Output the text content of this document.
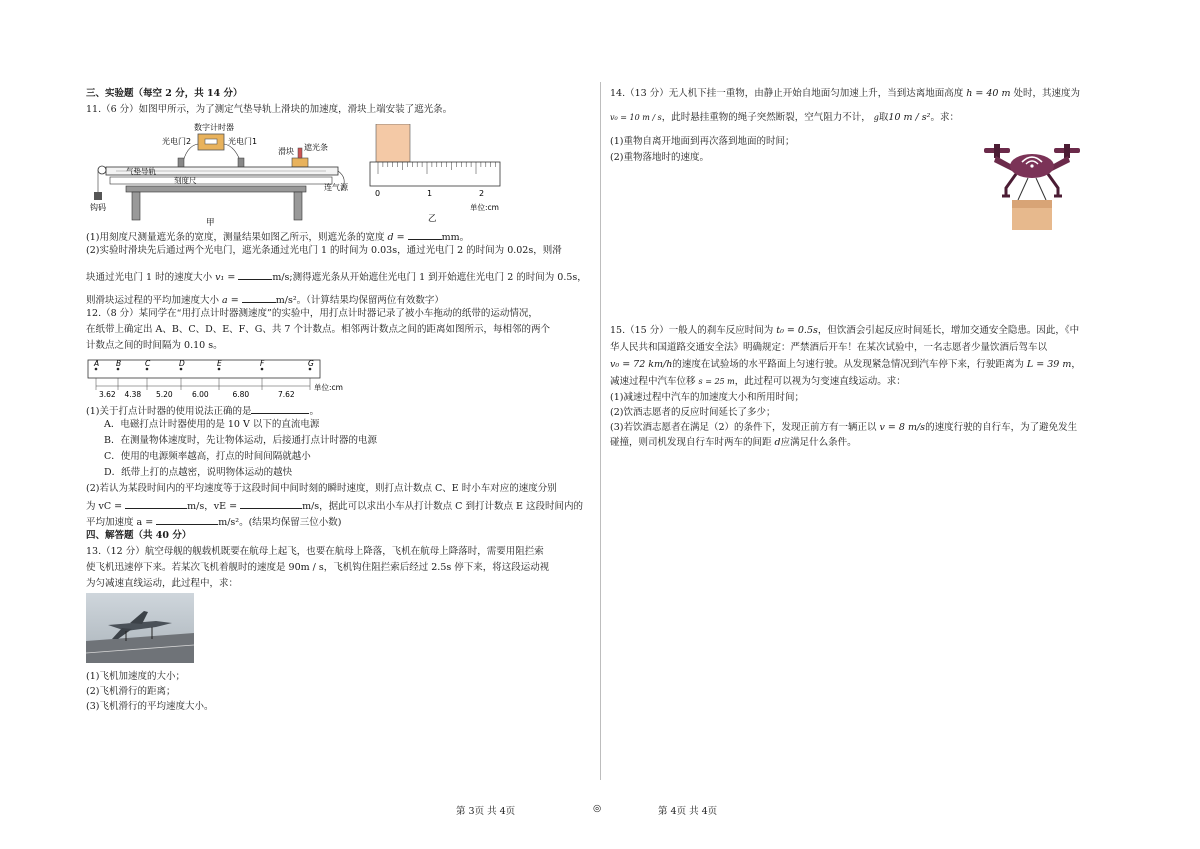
三、实验题（每空 2 分，共 14 分）
11.（6 分）如图甲所示，为了测定气垫导轨上滑块的加速度，滑块上端安装了遮光条。
数字计时器
光电门2	光电门1
滑块 遮光条
气垫导轨
刻度尺
钩码
连气源
甲
0	1	2
单位:cm
乙
(1)用刻度尺测量遮光条的宽度，测量结果如图乙所示，则遮光条的宽度 d =	mm。
(2)实验时滑块先后通过两个光电门，遮光条通过光电门 1 的时间为 0.03s，通过光电门 2 的时间为 0.02s，则滑
块通过光电门 1 时的速度大小 v₁ =	m/s;测得遮光条从开始遮住光电门 1 到开始遮住光电门 2 的时间为 0.5s，
则滑块运过程的平均加速度大小 a =	m/s²。（计算结果均保留两位有效数字）
12.（8 分）某同学在“用打点计时器测速度”的实验中，用打点计时器记录了被小车拖动的纸带的运动情况，
在纸带上确定出 A、B、C、D、E、F、G、共 7 个计数点。相邻两计数点之间的距离如图所示，每相邻的两个
计数点之间的时间隔为 0.10 s。
A B	C	D	E	F	G
3.62 4.38 5.20	6.00	6.80	7.62
单位:cm
(1)关于打点计时器的使用说法正确的是	。
A．电磁打点计时器使用的是 10 V 以下的直流电源
B．在测量物体速度时，先让物体运动，后接通打点计时器的电源
C．使用的电源频率越高，打点的时间间隔就越小
D．纸带上打的点越密，说明物体运动的越快
(2)若认为某段时间内的平均速度等于这段时间中间时刻的瞬时速度，则打点计数点 C、E 时小车对应的速度分别
为 vC =	m/s，vE =	m/s，据此可以求出小车从打计数点 C 到打计数点 E 这段时间内的
平均加速度 a =	m/s²。(结果均保留三位小数)
四、解答题（共 40 分）
13.（12 分）航空母舰的舰载机既要在航母上起飞，也要在航母上降落，飞机在航母上降落时，需要用阻拦索
使飞机迅速停下来。若某次飞机着舰时的速度是 90m / s，飞机钩住阻拦索后经过 2.5s 停下来，将这段运动视
为匀减速直线运动，此过程中，求：
(1)飞机加速度的大小；
(2)飞机滑行的距离；
(3)飞机滑行的平均速度大小。
14.（13 分）无人机下挂一重物，由静止开始自地面匀加速上升，当到达离地面高度 h = 40 m 处时，其速度为
v₀ = 10 m / s，此时悬挂重物的绳子突然断裂，空气阻力不计， g取10 m / s²。求：
(1)重物自离开地面到再次落到地面的时间；
(2)重物落地时的速度。
15.（15 分）一般人的刹车反应时间为 t₀ = 0.5s，但饮酒会引起反应时间延长，增加交通安全隐患。因此，《中
华人民共和国道路交通安全法》明确规定：严禁酒后开车！在某次试验中，一名志愿者少量饮酒后驾车以
v₀ = 72 km/h的速度在试验场的水平路面上匀速行驶。从发现紧急情况到汽车停下来，行驶距离为 L = 39 m，
减速过程中汽车位移 s = 25 m，此过程可以视为匀变速直线运动。求：
(1)减速过程中汽车的加速度大小和所用时间；
(2)饮酒志愿者的反应时间延长了多少；
(3)若饮酒志愿者在满足（2）的条件下，发现正前方有一辆正以 v = 8 m/s的速度行驶的自行车，为了避免发生
碰撞，则司机发现自行车时两车的间距 d应满足什么条件。
第 3页 共 4页	◎	第 4页 共 4页
